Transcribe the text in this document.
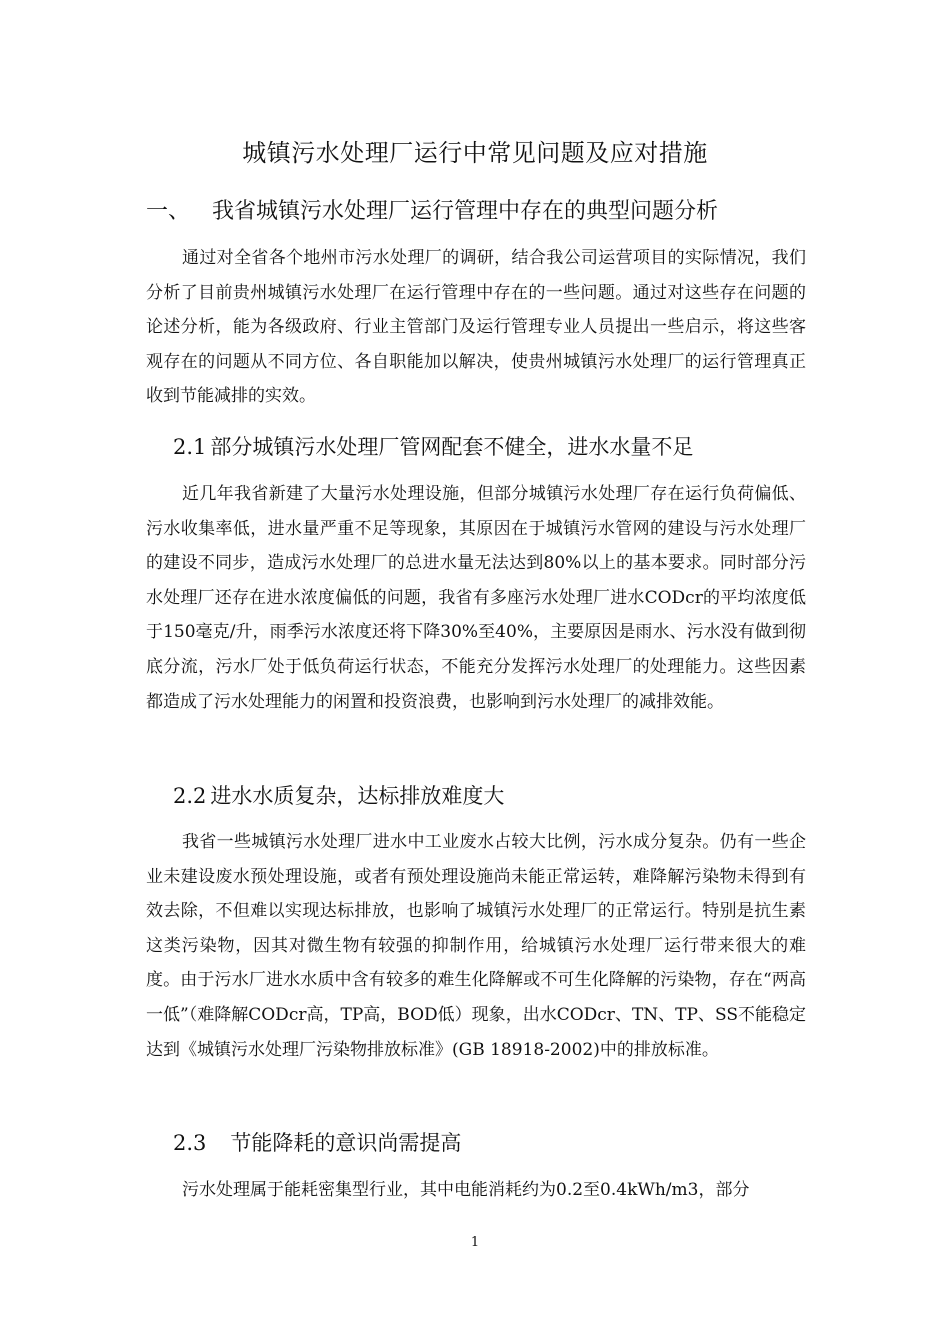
城镇污水处理厂运行中常见问题及应对措施
一、 我省城镇污水处理厂运行管理中存在的典型问题分析

通过对全省各个地州市污水处理厂的调研，结合我公司运营项目的实际情况，我们分析了目前贵州城镇污水处理厂在运行管理中存在的一些问题。通过对这些存在问题的论述分析，能为各级政府、行业主管部门及运行管理专业人员提出一些启示，将这些客观存在的问题从不同方位、各自职能加以解决，使贵州城镇污水处理厂的运行管理真正收到节能减排的实效。

2.1 部分城镇污水处理厂管网配套不健全，进水水量不足

近几年我省新建了大量污水处理设施，但部分城镇污水处理厂存在运行负荷偏低、污水收集率低，进水量严重不足等现象，其原因在于城镇污水管网的建设与污水处理厂的建设不同步，造成污水处理厂的总进水量无法达到80%以上的基本要求。同时部分污水处理厂还存在进水浓度偏低的问题，我省有多座污水处理厂进水CODcr的平均浓度低于150毫克/升，雨季污水浓度还将下降30%至40%，主要原因是雨水、污水没有做到彻底分流，污水厂处于低负荷运行状态，不能充分发挥污水处理厂的处理能力。这些因素都造成了污水处理能力的闲置和投资浪费，也影响到污水处理厂的减排效能。

2.2 进水水质复杂，达标排放难度大

我省一些城镇污水处理厂进水中工业废水占较大比例，污水成分复杂。仍有一些企业未建设废水预处理设施，或者有预处理设施尚未能正常运转，难降解污染物未得到有效去除，不但难以实现达标排放，也影响了城镇污水处理厂的正常运行。特别是抗生素这类污染物，因其对微生物有较强的抑制作用，给城镇污水处理厂运行带来很大的难度。由于污水厂进水水质中含有较多的难生化降解或不可生化降解的污染物，存在“两高一低”（难降解CODcr高，TP高，BOD低）现象，出水CODcr、TN、TP、SS不能稳定达到《城镇污水处理厂污染物排放标准》(GB 18918-2002)中的排放标准。

2.3 节能降耗的意识尚需提高

污水处理属于能耗密集型行业，其中电能消耗约为0.2至0.4kWh/m3，部分

1
